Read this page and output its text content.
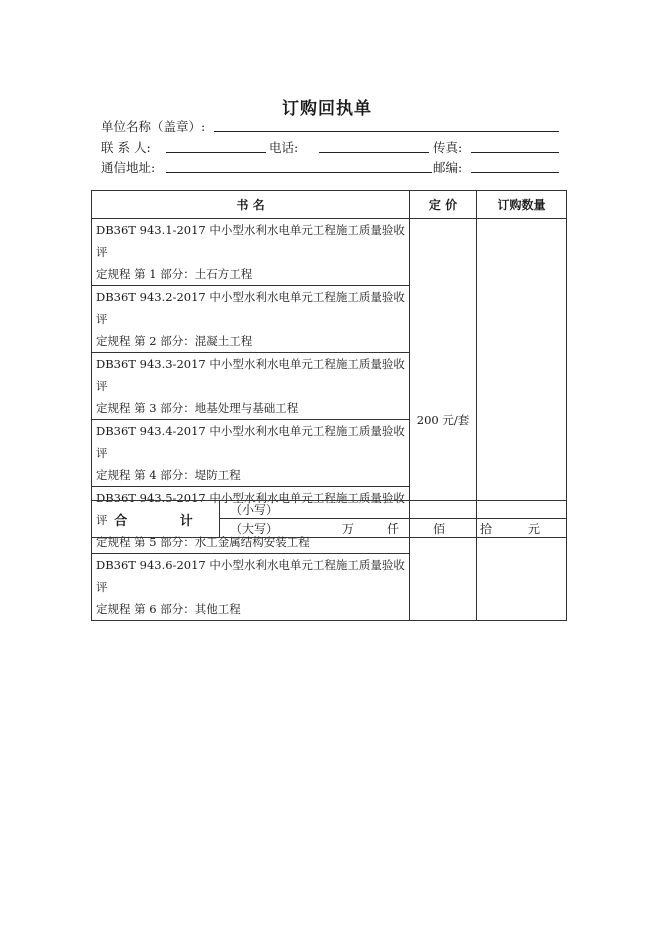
订购回执单
单位名称（盖章）:
联 系 人:	电话:	传真:
通信地址:	邮编:
书 名	定 价	订购数量

DB36T 943.1-2017 中小型水利水电单元工程施工质量验收评
定规程 第 1 部分：土石方工程	200 元/套	

DB36T 943.2-2017 中小型水利水电单元工程施工质量验收评
定规程 第 2 部分：混凝土工程		

DB36T 943.3-2017 中小型水利水电单元工程施工质量验收评
定规程 第 3 部分：地基处理与基础工程		

DB36T 943.4-2017 中小型水利水电单元工程施工质量验收评
定规程 第 4 部分：堤防工程		

DB36T 943.5-2017 中小型水利水电单元工程施工质量验收评
定规程 第 5 部分：水工金属结构安装工程		

DB36T 943.6-2017 中小型水利水电单元工程施工质量验收评
定规程 第 6 部分：其他工程		
合 计	（小写）
（大写）	万	仟	佰	拾	元
